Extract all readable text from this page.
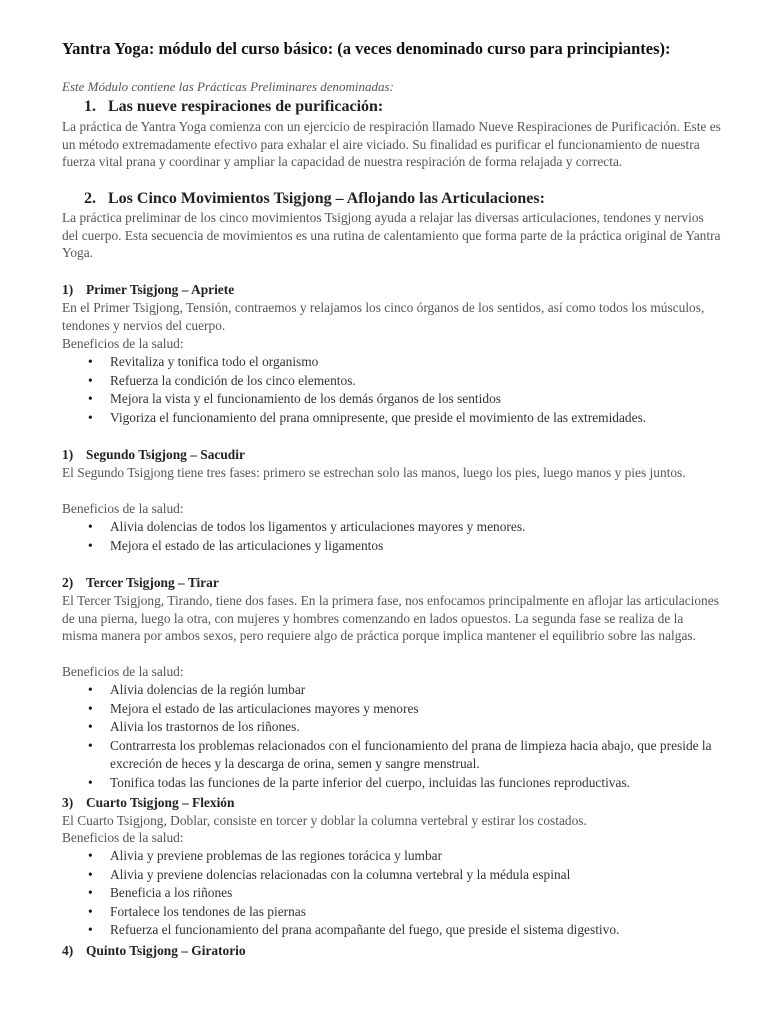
Yantra Yoga: módulo del curso básico: (a veces denominado curso para principiantes):
Este Módulo contiene las Prácticas Preliminares denominadas:
1. Las nueve respiraciones de purificación:
La práctica de Yantra Yoga comienza con un ejercicio de respiración llamado Nueve Respiraciones de Purificación. Este es un método extremadamente efectivo para exhalar el aire viciado. Su finalidad es purificar el funcionamiento de nuestra fuerza vital prana y coordinar y ampliar la capacidad de nuestra respiración de forma relajada y correcta.
2. Los Cinco Movimientos Tsigjong – Aflojando las Articulaciones:
La práctica preliminar de los cinco movimientos Tsigjong ayuda a relajar las diversas articulaciones, tendones y nervios del cuerpo. Esta secuencia de movimientos es una rutina de calentamiento que forma parte de la práctica original de Yantra Yoga.
1) Primer Tsigjong – Apriete
En el Primer Tsigjong, Tensión, contraemos y relajamos los cinco órganos de los sentidos, así como todos los músculos, tendones y nervios del cuerpo.
Beneficios de la salud:
• Revitaliza y tonifica todo el organismo
• Refuerza la condición de los cinco elementos.
• Mejora la vista y el funcionamiento de los demás órganos de los sentidos
• Vigoriza el funcionamiento del prana omnipresente, que preside el movimiento de las extremidades.
1) Segundo Tsigjong – Sacudir
El Segundo Tsigjong tiene tres fases: primero se estrechan solo las manos, luego los pies, luego manos y pies juntos.
Beneficios de la salud:
• Alivia dolencias de todos los ligamentos y articulaciones mayores y menores.
• Mejora el estado de las articulaciones y ligamentos
2) Tercer Tsigjong – Tirar
El Tercer Tsigjong, Tirando, tiene dos fases. En la primera fase, nos enfocamos principalmente en aflojar las articulaciones de una pierna, luego la otra, con mujeres y hombres comenzando en lados opuestos. La segunda fase se realiza de la misma manera por ambos sexos, pero requiere algo de práctica porque implica mantener el equilibrio sobre las nalgas.
Beneficios de la salud:
• Alivia dolencias de la región lumbar
• Mejora el estado de las articulaciones mayores y menores
• Alivia los trastornos de los riñones.
• Contrarresta los problemas relacionados con el funcionamiento del prana de limpieza hacia abajo, que preside la excreción de heces y la descarga de orina, semen y sangre menstrual.
• Tonifica todas las funciones de la parte inferior del cuerpo, incluidas las funciones reproductivas.
3) Cuarto Tsigjong – Flexión
El Cuarto Tsigjong, Doblar, consiste en torcer y doblar la columna vertebral y estirar los costados.
Beneficios de la salud:
• Alivia y previene problemas de las regiones torácica y lumbar
• Alivia y previene dolencias relacionadas con la columna vertebral y la médula espinal
• Beneficia a los riñones
• Fortalece los tendones de las piernas
• Refuerza el funcionamiento del prana acompañante del fuego, que preside el sistema digestivo.
4) Quinto Tsigjong – Giratorio
